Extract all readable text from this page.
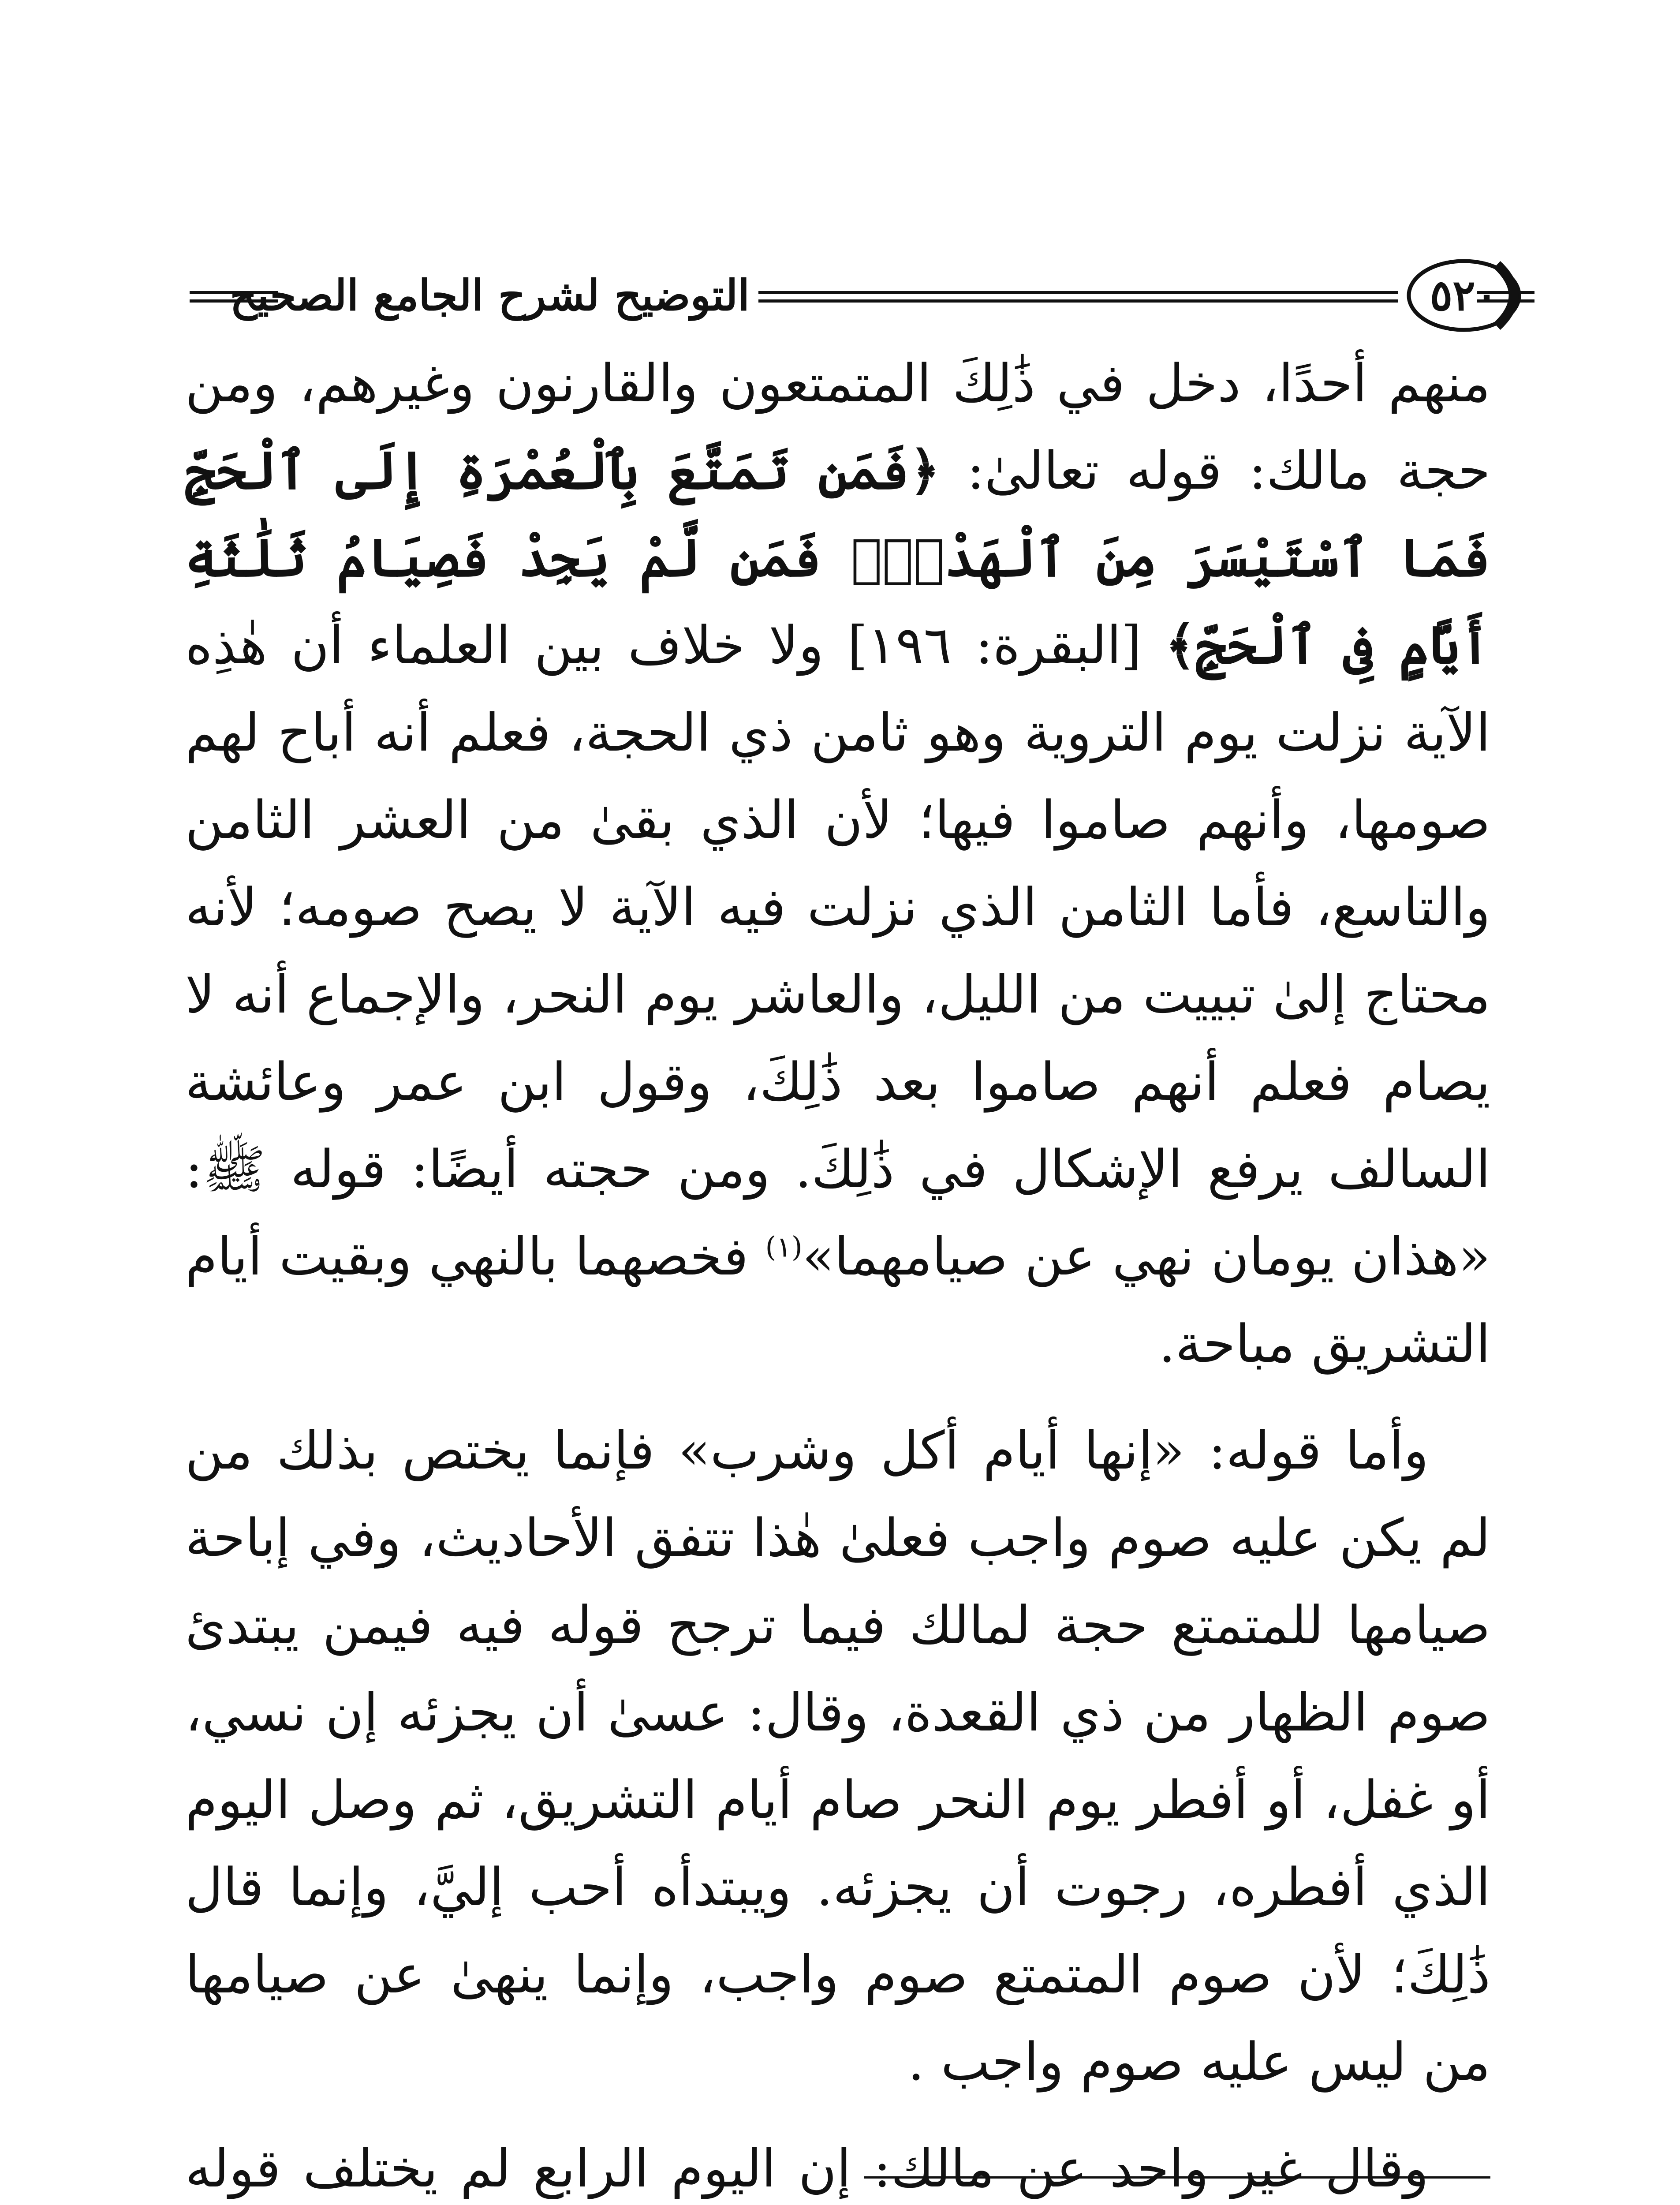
التوضيح لشرح الجامع الصحيح	٥٢٠

منهم أحدًا، دخل في ذَٰلِكَ المتمتعون والقارنون وغيرهم، ومن حجة مالك: قوله تعالىٰ: ﴿فَمَن تَمَتَّعَ بِٱلْعُمْرَةِ إِلَى ٱلْحَجِّ فَمَا ٱسْتَيْسَرَ مِنَ ٱلْهَدْيِۚ فَمَن لَّمْ يَجِدْ فَصِيَامُ ثَلَٰثَةِ أَيَّامٍ فِى ٱلْحَجِّ﴾ [البقرة: ١٩٦] ولا خلاف بين العلماء أن هٰذِه الآية نزلت يوم التروية وهو ثامن ذي الحجة، فعلم أنه أباح لهم صومها، وأنهم صاموا فيها؛ لأن الذي بقىٰ من العشر الثامن والتاسع، فأما الثامن الذي نزلت فيه الآية لا يصح صومه؛ لأنه محتاج إلىٰ تبييت من الليل، والعاشر يوم النحر، والإجماع أنه لا يصام فعلم أنهم صاموا بعد ذَٰلِكَ، وقول ابن عمر وعائشة السالف يرفع الإشكال في ذَٰلِكَ. ومن حجته أيضًا: قوله ﷺ: «هذان يومان نهي عن صيامهما»$^{(١)}$ فخصهما بالنهي وبقيت أيام التشريق مباحة.

وأما قوله: «إنها أيام أكل وشرب» فإنما يختص بذلك من لم يكن عليه صوم واجب فعلىٰ هٰذا تتفق الأحاديث، وفي إباحة صيامها للمتمتع حجة لمالك فيما ترجح قوله فيه فيمن يبتدئ صوم الظهار من ذي القعدة، وقال: عسىٰ أن يجزئه إن نسي، أو غفل، أو أفطر يوم النحر صام أيام التشريق، ثم وصل اليوم الذي أفطره، رجوت أن يجزئه. ويبتدأه أحب إليَّ، وإنما قال ذَٰلِكَ؛ لأن صوم المتمتع صوم واجب، وإنما ينهىٰ عن صيامها من ليس عليه صوم واجب .

وقال غير واحد عن مالك: إن اليوم الرابع لم يختلف قوله
